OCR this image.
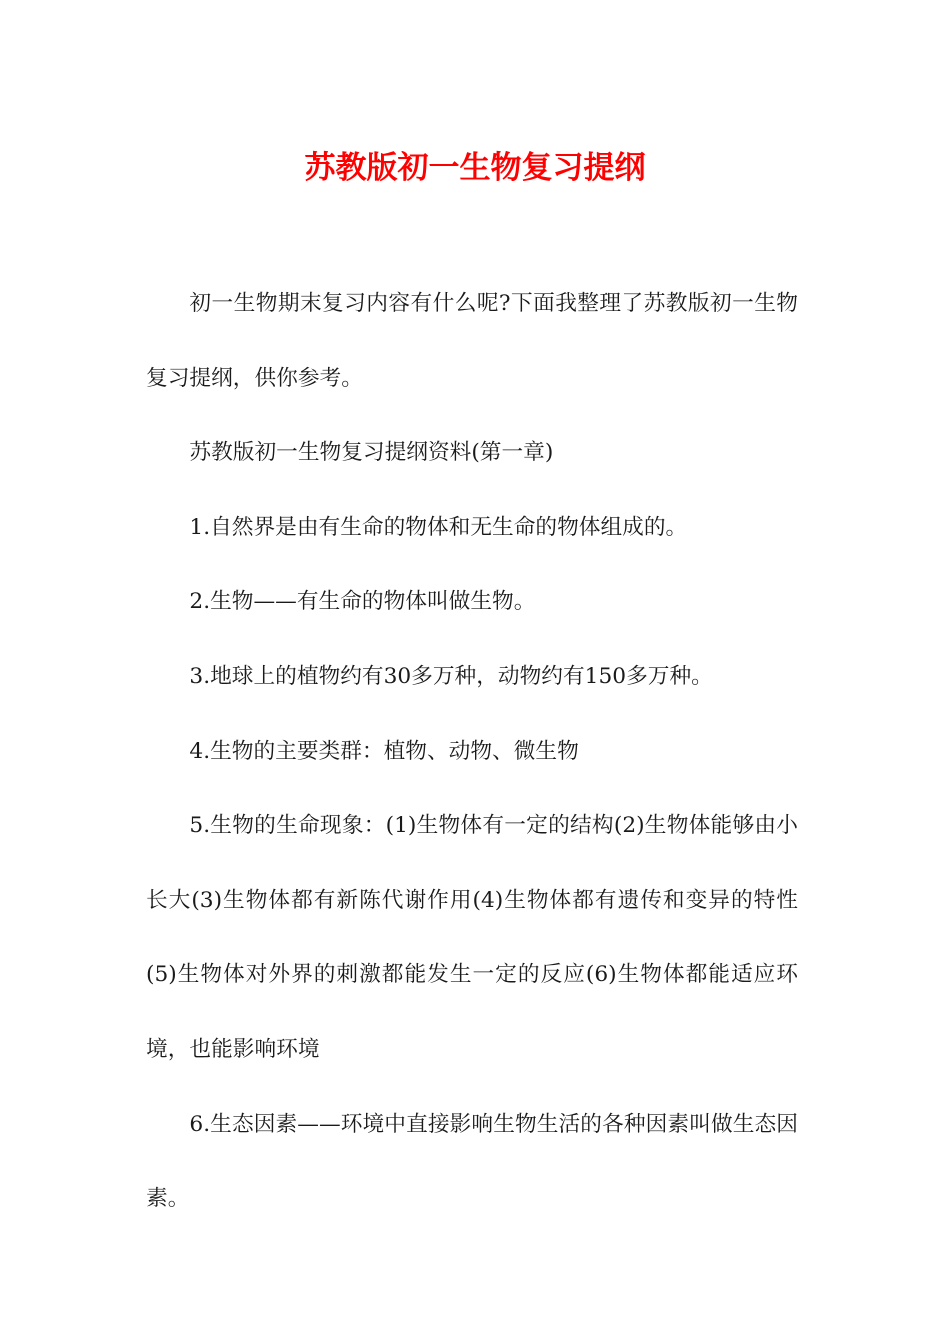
苏教版初一生物复习提纲

初一生物期末复习内容有什么呢?下面我整理了苏教版初一生物复习提纲，供你参考。

苏教版初一生物复习提纲资料(第一章)

1.自然界是由有生命的物体和无生命的物体组成的。

2.生物——有生命的物体叫做生物。

3.地球上的植物约有30多万种，动物约有150多万种。

4.生物的主要类群：植物、动物、微生物

5.生物的生命现象：(1)生物体有一定的结构(2)生物体能够由小长大(3)生物体都有新陈代谢作用(4)生物体都有遗传和变异的特性(5)生物体对外界的刺激都能发生一定的反应(6)生物体都能适应环境，也能影响环境

6.生态因素——环境中直接影响生物生活的各种因素叫做生态因素。
